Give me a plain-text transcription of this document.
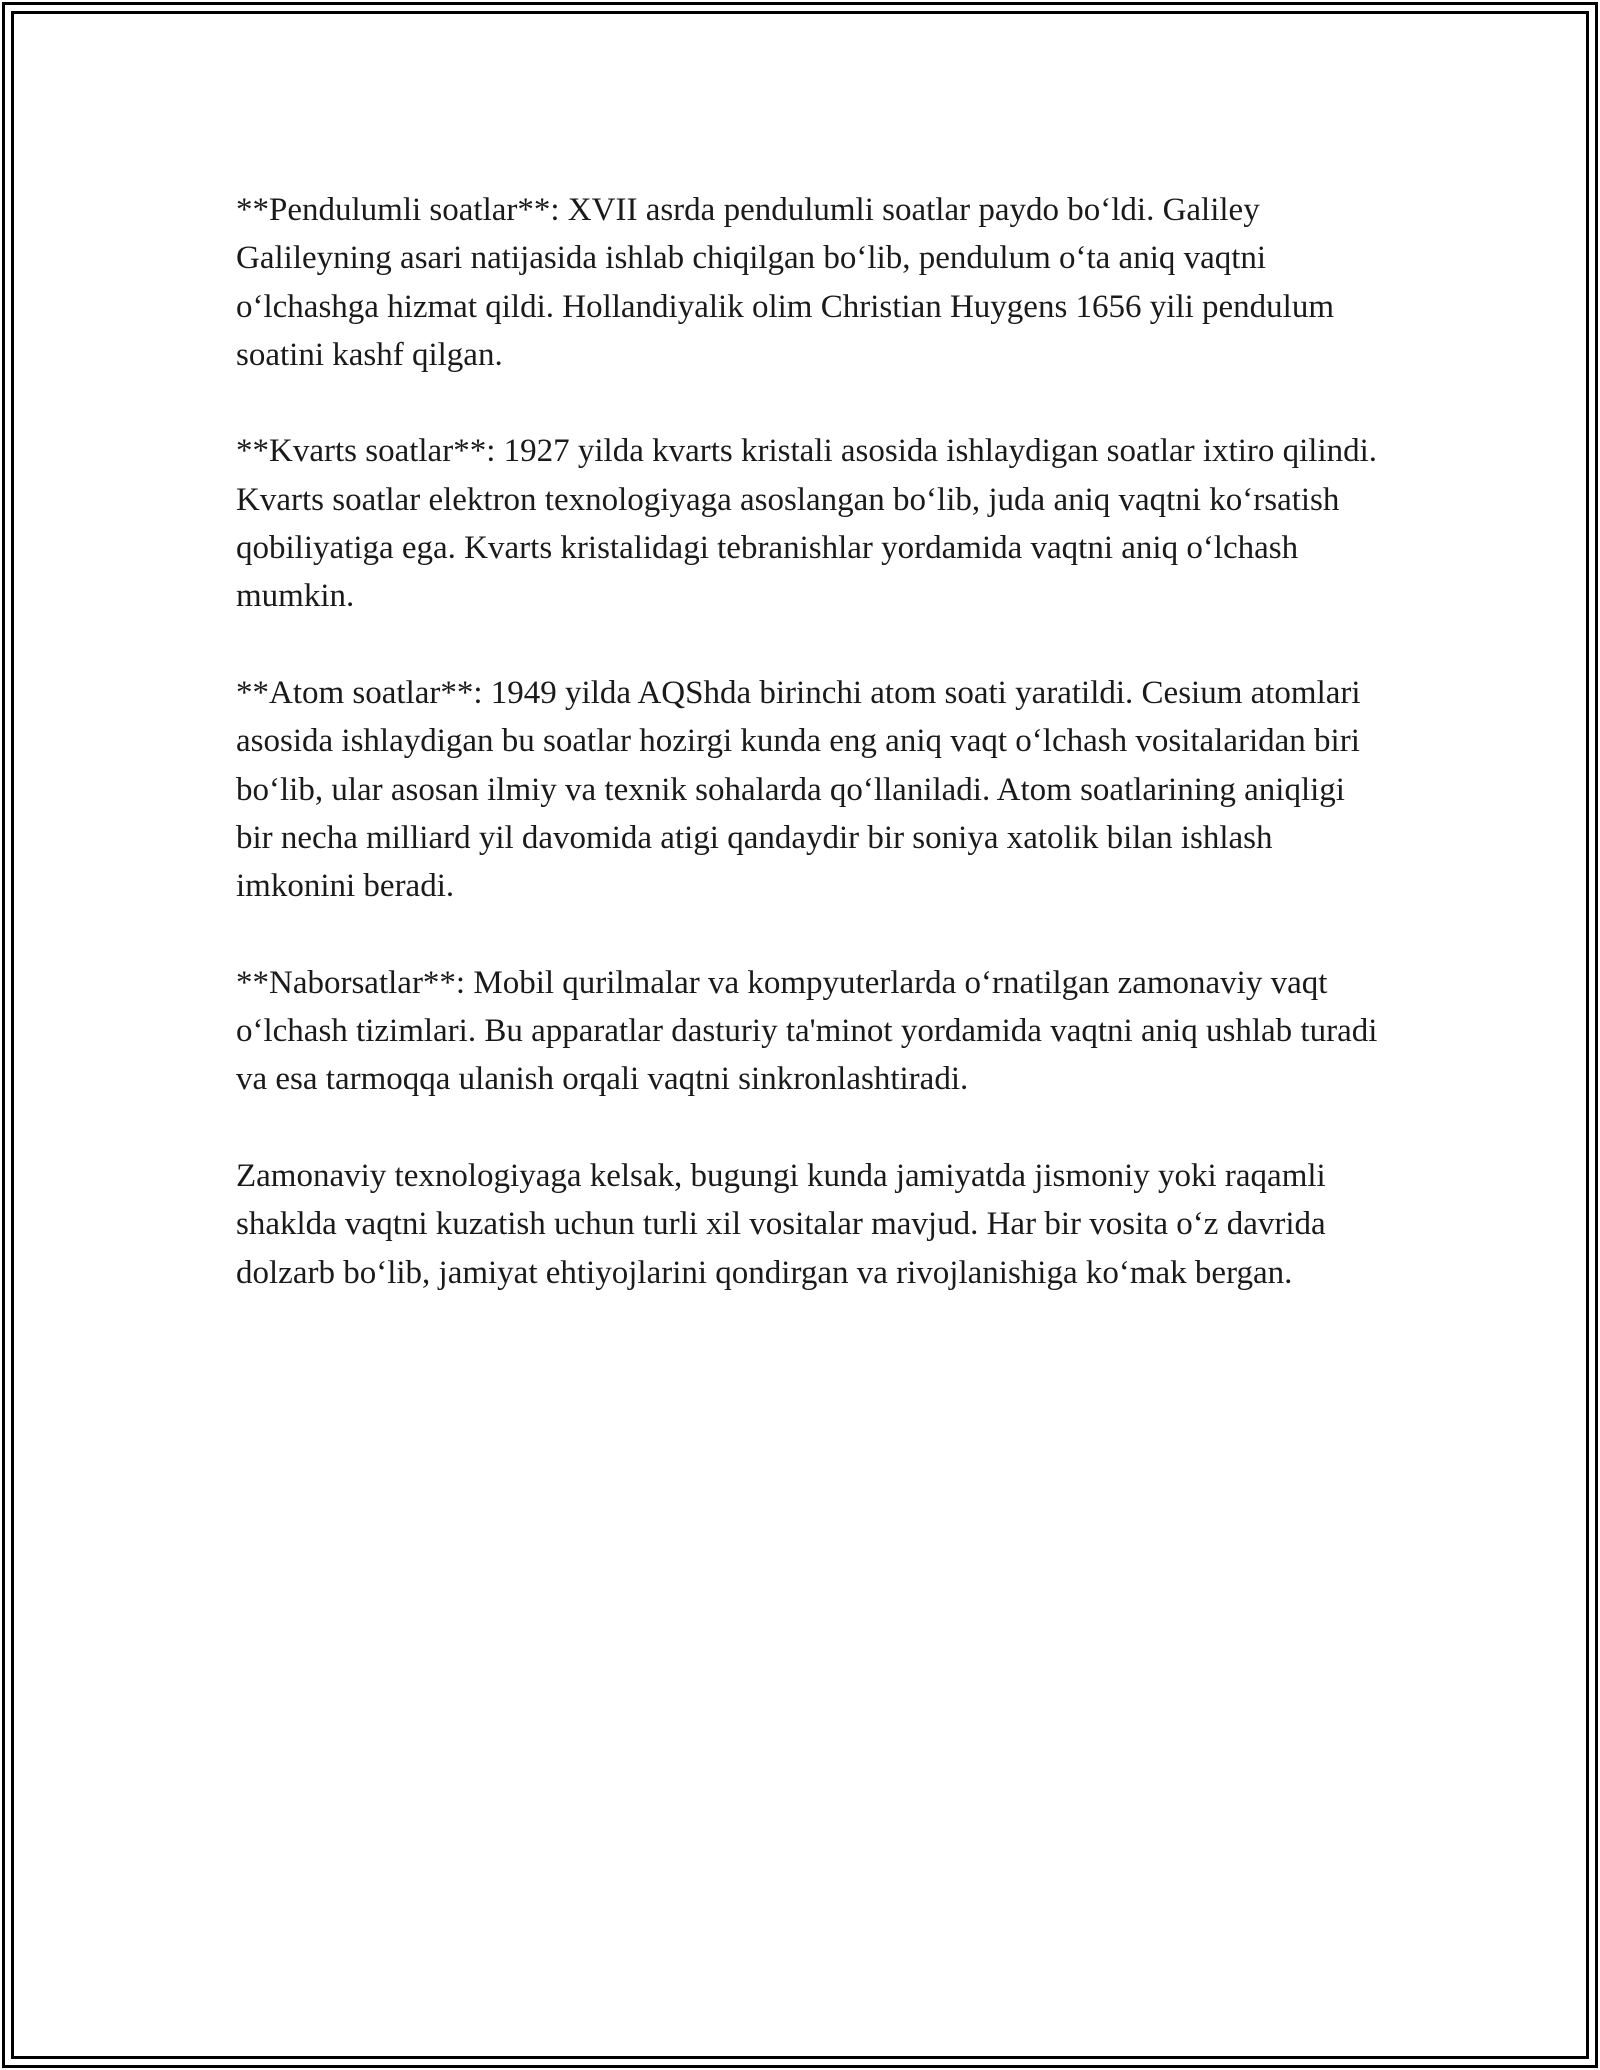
**Pendulumli soatlar**: XVII asrda pendulumli soatlar paydo bo‘ldi. Galiley Galileyning asari natijasida ishlab chiqilgan bo‘lib, pendulum o‘ta aniq vaqtni o‘lchashga hizmat qildi. Hollandiyalik olim Christian Huygens 1656 yili pendulum soatini kashf qilgan.

**Kvarts soatlar**: 1927 yilda kvarts kristali asosida ishlaydigan soatlar ixtiro qilindi. Kvarts soatlar elektron texnologiyaga asoslangan bo‘lib, juda aniq vaqtni ko‘rsatish qobiliyatiga ega. Kvarts kristalidagi tebranishlar yordamida vaqtni aniq o‘lchash mumkin.

**Atom soatlar**: 1949 yilda AQShda birinchi atom soati yaratildi. Cesium atomlari asosida ishlaydigan bu soatlar hozirgi kunda eng aniq vaqt o‘lchash vositalaridan biri bo‘lib, ular asosan ilmiy va texnik sohalarda qo‘llaniladi. Atom soatlarining aniqligi bir necha milliard yil davomida atigi qandaydir bir soniya xatolik bilan ishlash imkonini beradi.

**Naborsatlar**: Mobil qurilmalar va kompyuterlarda o‘rnatilgan zamonaviy vaqt o‘lchash tizimlari. Bu apparatlar dasturiy ta'minot yordamida vaqtni aniq ushlab turadi va esa tarmoqqa ulanish orqali vaqtni sinkronlashtiradi.

Zamonaviy texnologiyaga kelsak, bugungi kunda jamiyatda jismoniy yoki raqamli shaklda vaqtni kuzatish uchun turli xil vositalar mavjud. Har bir vosita o‘z davrida dolzarb bo‘lib, jamiyat ehtiyojlarini qondirgan va rivojlanishiga ko‘mak bergan.
